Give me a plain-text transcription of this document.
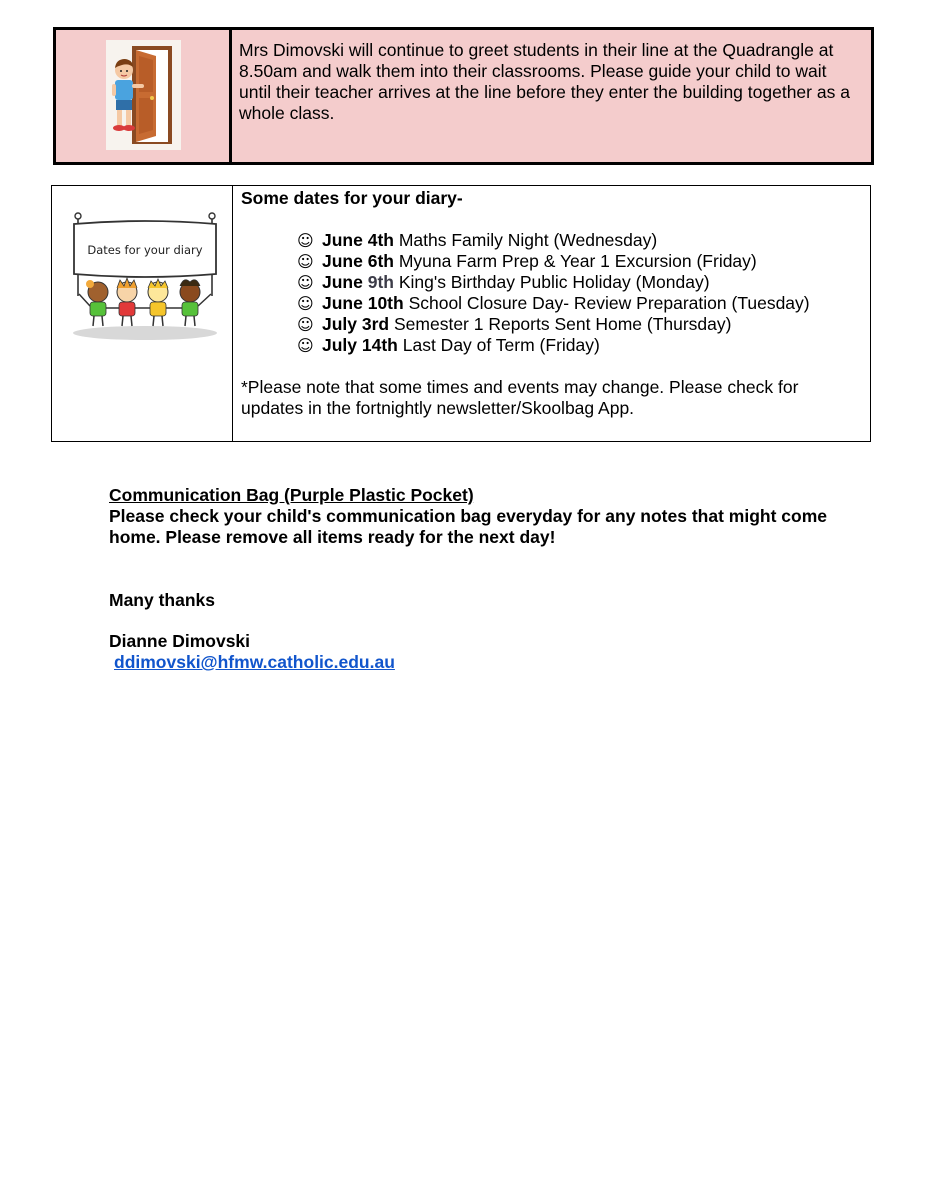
Mrs Dimovski will continue to greet students in their line at the Quadrangle at 8.50am and walk them into their classrooms. Please guide your child to wait until their teacher arrives at the line before they enter the building together as a whole class.
Dates for your diary
Some dates for your diary-
☺ June 4th Maths Family Night (Wednesday)
☺ June 6th Myuna Farm Prep & Year 1 Excursion (Friday)
☺ June 9th King's Birthday Public Holiday (Monday)
☺ June 10th School Closure Day- Review Preparation (Tuesday)
☺ July 3rd Semester 1 Reports Sent Home (Thursday)
☺ July 14th Last Day of Term (Friday)
*Please note that some times and events may change. Please check for updates in the fortnightly newsletter/Skoolbag App.
Communication Bag (Purple Plastic Pocket)
Please check your child's communication bag everyday for any notes that might come home. Please remove all items ready for the next day!
Many thanks
Dianne Dimovski
ddimovski@hfmw.catholic.edu.au
